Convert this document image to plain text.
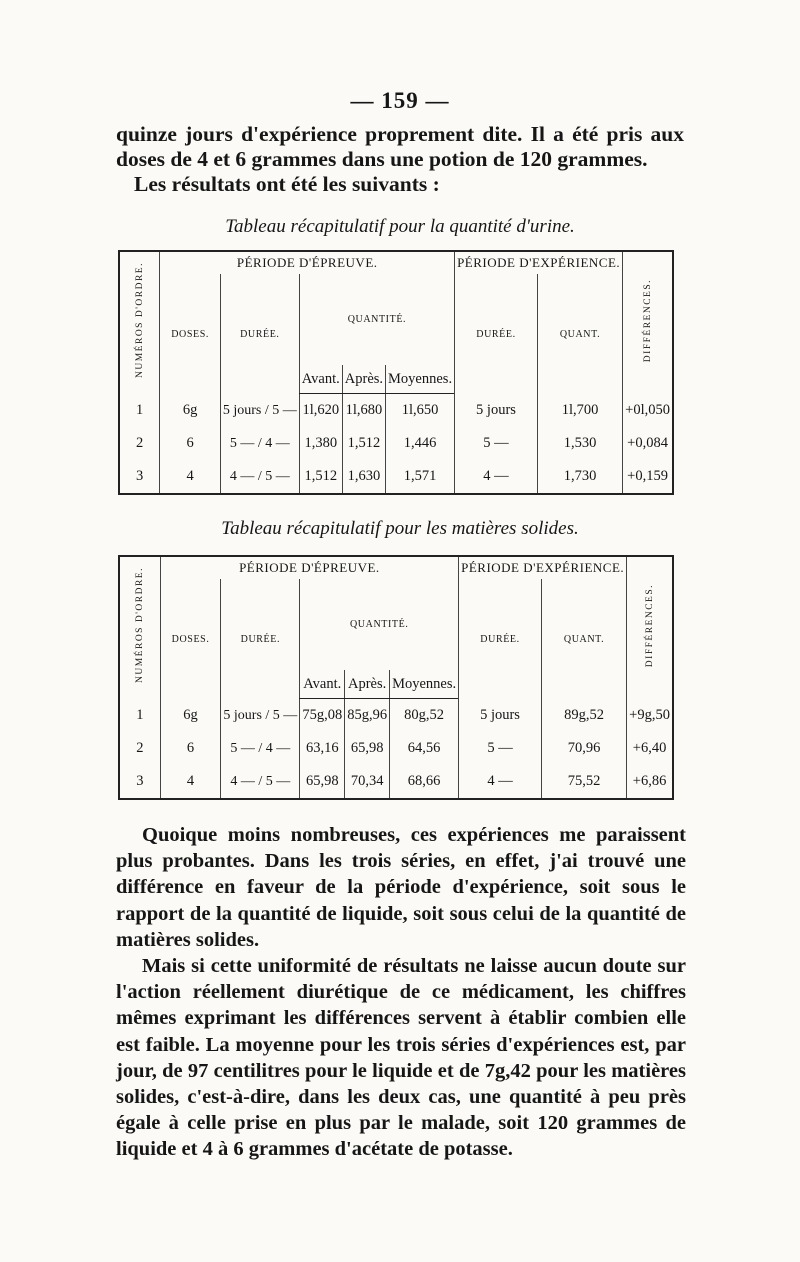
— 159 —

quinze jours d'expérience proprement dite. Il a été pris aux doses de 4 et 6 grammes dans une potion de 120 grammes.

Les résultats ont été les suivants :

Tableau récapitulatif pour la quantité d'urine.
NUMÉROS D'ORDRE.	PÉRIODE D'ÉPREUVE.					PÉRIODE D'EXPÉRIENCE.		DIFFÉRENCES.
	DOSES.	DURÉE.	QUANTITÉ.			DURÉE.	QUANT.	
			Avant.	Après.	Moyennes.			
1	6g	5 jours / 5 —	1l,620	1l,680	1l,650	5 jours	1l,700	+0l,050
2	6	5 — / 4 —	1,380	1,512	1,446	5 —	1,530	+0,084
3	4	4 — / 5 —	1,512	1,630	1,571	4 —	1,730	+0,159
Tableau récapitulatif pour les matières solides.
NUMÉROS D'ORDRE.	PÉRIODE D'ÉPREUVE.					PÉRIODE D'EXPÉRIENCE.		DIFFÉRENCES.
	DOSES.	DURÉE.	QUANTITÉ.			DURÉE.	QUANT.	
			Avant.	Après.	Moyennes.			
1	6g	5 jours / 5 —	75g,08	85g,96	80g,52	5 jours	89g,52	+9g,50
2	6	5 — / 4 —	63,16	65,98	64,56	5 —	70,96	+6,40
3	4	4 — / 5 —	65,98	70,34	68,66	4 —	75,52	+6,86

Quoique moins nombreuses, ces expériences me paraissent plus probantes. Dans les trois séries, en effet, j'ai trouvé une différence en faveur de la période d'expérience, soit sous le rapport de la quantité de liquide, soit sous celui de la quantité de matières solides.

Mais si cette uniformité de résultats ne laisse aucun doute sur l'action réellement diurétique de ce médicament, les chiffres mêmes exprimant les différences servent à établir combien elle est faible. La moyenne pour les trois séries d'expériences est, par jour, de 97 centilitres pour le liquide et de 7g,42 pour les matières solides, c'est-à-dire, dans les deux cas, une quantité à peu près égale à celle prise en plus par le malade, soit 120 grammes de liquide et 4 à 6 grammes d'acétate de potasse.
